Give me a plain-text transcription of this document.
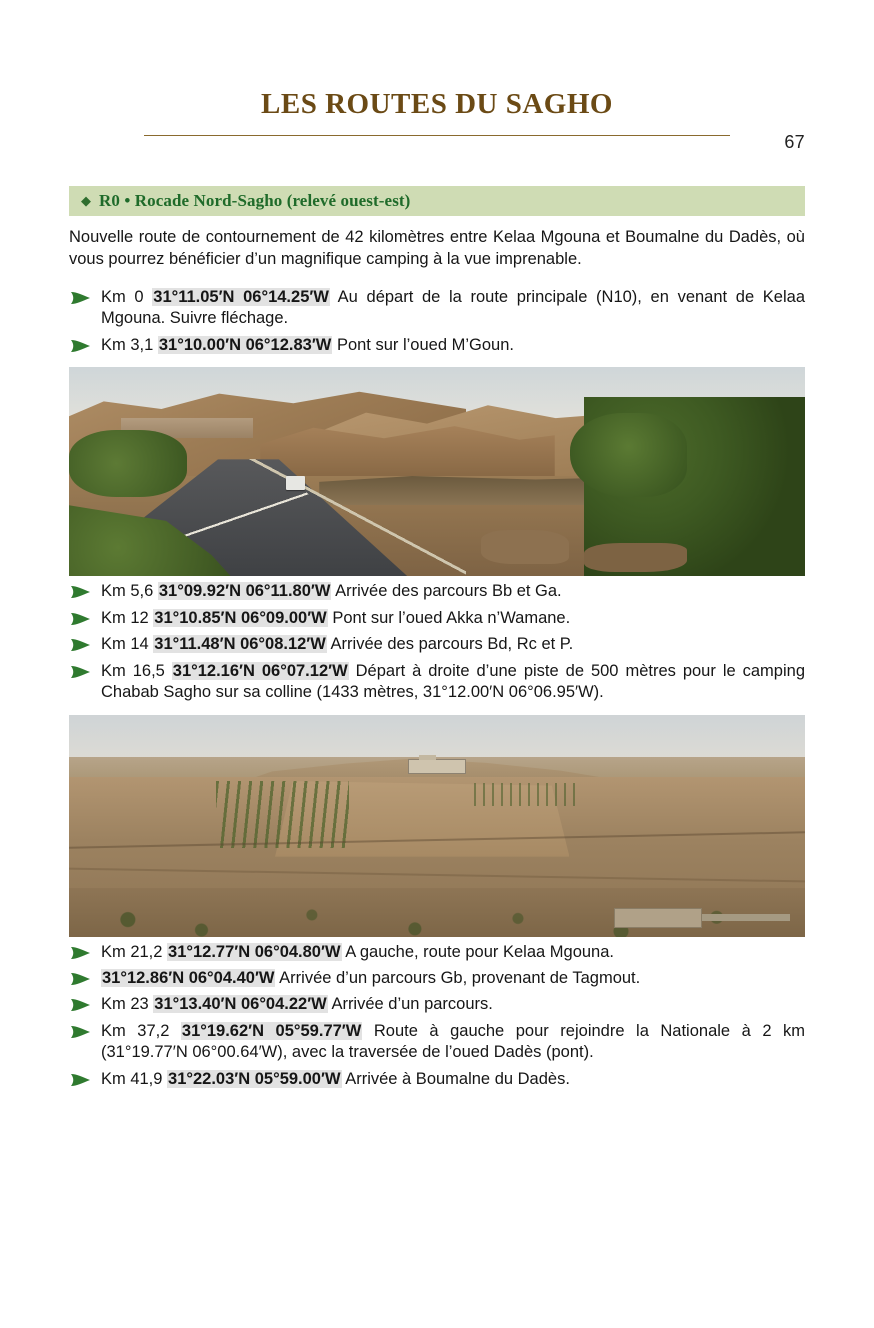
67
LES ROUTES DU SAGHO
◆ R0 • Rocade Nord-Sagho (relevé ouest-est)

Nouvelle route de contournement de 42 kilomètres entre Kelaa Mgouna et Boumalne du Dadès, où vous pourrez bénéficier d’un magnifique camping à la vue imprenable.

Km 0 31°11.05′N 06°14.25′W Au départ de la route principale (N10), en venant de Kelaa Mgouna. Suivre fléchage.
Km 3,1 31°10.00′N 06°12.83′W Pont sur l’oued M’Goun.
Km 5,6 31°09.92′N 06°11.80′W Arrivée des parcours Bb et Ga.
Km 12 31°10.85′N 06°09.00′W Pont sur l’oued Akka n’Wamane.
Km 14 31°11.48′N 06°08.12′W Arrivée des parcours Bd, Rc et P.
Km 16,5 31°12.16′N 06°07.12′W Départ à droite d’une piste de 500 mètres pour le camping Chabab Sagho sur sa colline (1433 mètres, 31°12.00′N 06°06.95′W).
Km 21,2 31°12.77′N 06°04.80′W A gauche, route pour Kelaa Mgouna.
31°12.86′N 06°04.40′W Arrivée d’un parcours Gb, provenant de Tagmout.
Km 23 31°13.40′N 06°04.22′W Arrivée d’un parcours.
Km 37,2 31°19.62′N 05°59.77′W Route à gauche pour rejoindre la Nationale à 2 km (31°19.77′N 06°00.64′W), avec la traversée de l’oued Dadès (pont).
Km 41,9 31°22.03′N 05°59.00′W Arrivée à Boumalne du Dadès.
